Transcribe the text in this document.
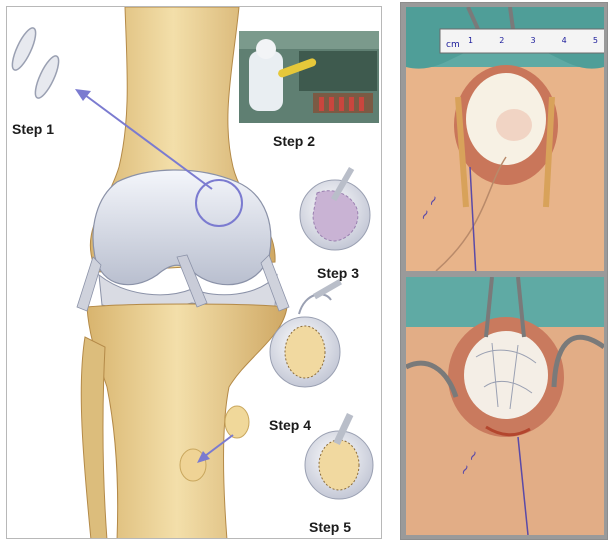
Step 1
Step 2
Step 3
Step 4
Step 5
cm
~ ~
1	2	3	4	5
~ ~
